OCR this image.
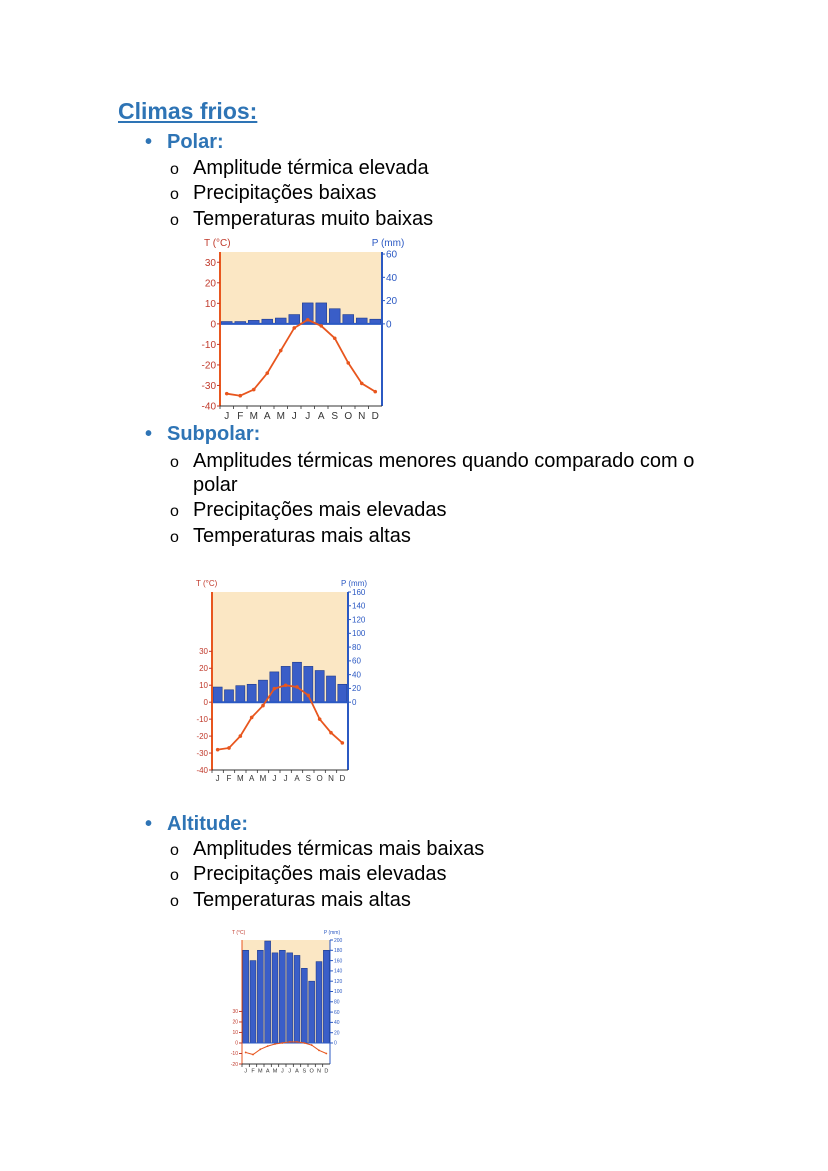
Climas frios:
• Polar:
o Amplitude térmica elevada
o Precipitações baixas
o Temperaturas muito baixas
T (°C)	P (mm)
30
20
10
0
-10
-20
-30
-40
60
40
20
0
J F M A M J J A S O N D
• Subpolar:
o Amplitudes térmicas menores quando comparado com o polar
o Precipitações mais elevadas
o Temperaturas mais altas
T (°C)	P (mm)
30
20
10
0
-10
-20
-30
-40
160
140
120
100
80
60
40
20
0
J F M A M J J A S O N D
• Altitude:
o Amplitudes térmicas mais baixas
o Precipitações mais elevadas
o Temperaturas mais altas
T (°C)	P (mm)
30
20
10
0
-10
-20
200
180
160
140
120
100
80
60
40
20
0
J F M A M J J A S O N D
